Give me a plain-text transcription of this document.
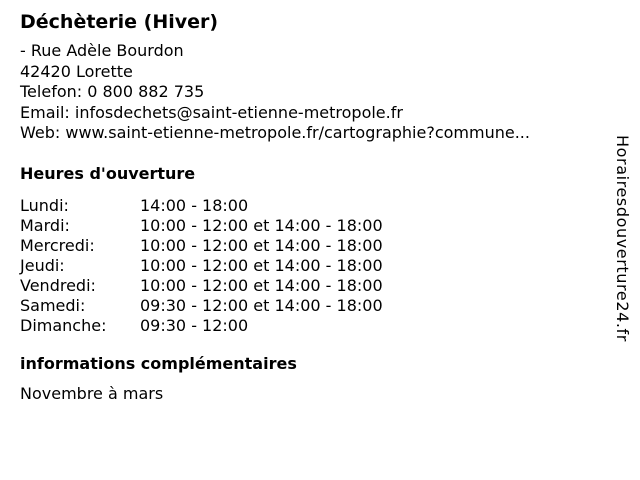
Déchèterie (Hiver)
- Rue Adèle Bourdon
42420 Lorette
Telefon: 0 800 882 735
Email:
infosdechets@saint-etienne-metropole.fr
Web:
www.saint-etienne-metropole.fr/cartographie?commune ...
Heures d'ouverture
Lundi:	14:00 - 18:00
Mardi:	10:00 - 12:00 et 14:00 - 18:00
Mercredi:	10:00 - 12:00 et 14:00 - 18:00
Jeudi:	10:00 - 12:00 et 14:00 - 18:00
Vendredi:	10:00 - 12:00 et 14:00 - 18:00
Samedi:	09:30 - 12:00 et 14:00 - 18:00
Dimanche:	09:30 - 12:00
informations complémentaires
Novembre à mars
Horairesdouverture24.fr
